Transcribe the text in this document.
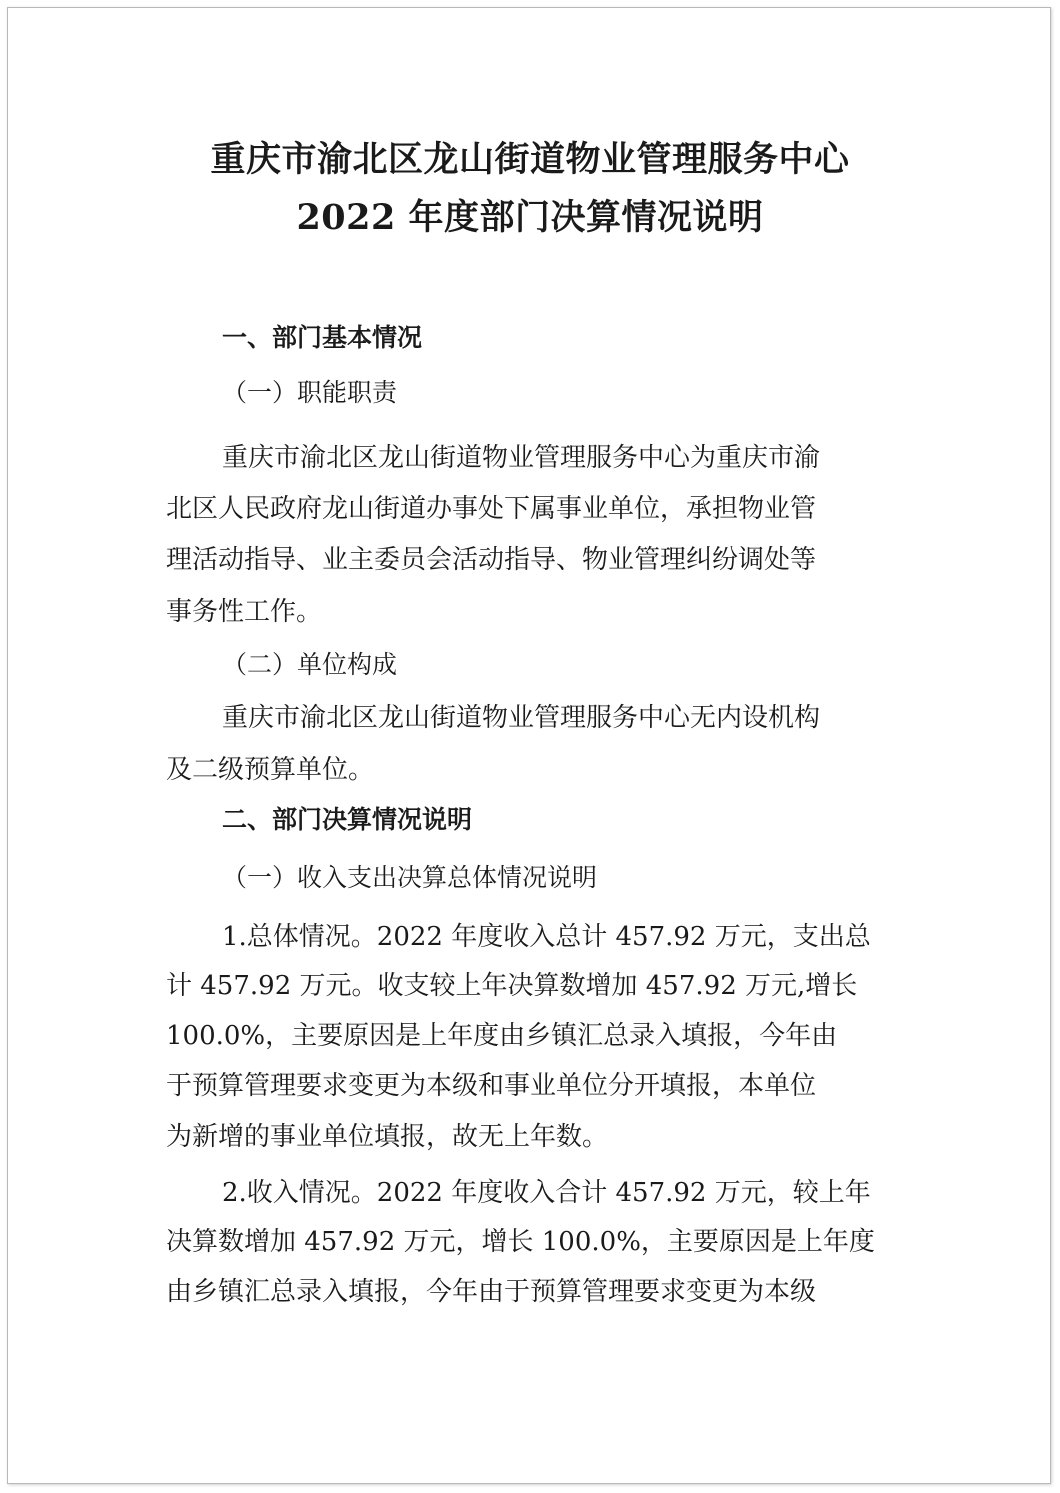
重庆市渝北区龙山街道物业管理服务中心
2022 年度部门决算情况说明
一、部门基本情况
（一）职能职责
重庆市渝北区龙山街道物业管理服务中心为重庆市渝
北区人民政府龙山街道办事处下属事业单位，承担物业管
理活动指导、业主委员会活动指导、物业管理纠纷调处等
事务性工作。
（二）单位构成
重庆市渝北区龙山街道物业管理服务中心无内设机构
及二级预算单位。
二、部门决算情况说明
（一）收入支出决算总体情况说明
1.总体情况。2022 年度收入总计 457.92 万元，支出总
计 457.92 万元。收支较上年决算数增加 457.92 万元,增长
100.0%，主要原因是上年度由乡镇汇总录入填报，今年由
于预算管理要求变更为本级和事业单位分开填报，本单位
为新增的事业单位填报，故无上年数。
2.收入情况。2022 年度收入合计 457.92 万元，较上年
决算数增加 457.92 万元，增长 100.0%，主要原因是上年度
由乡镇汇总录入填报，今年由于预算管理要求变更为本级
